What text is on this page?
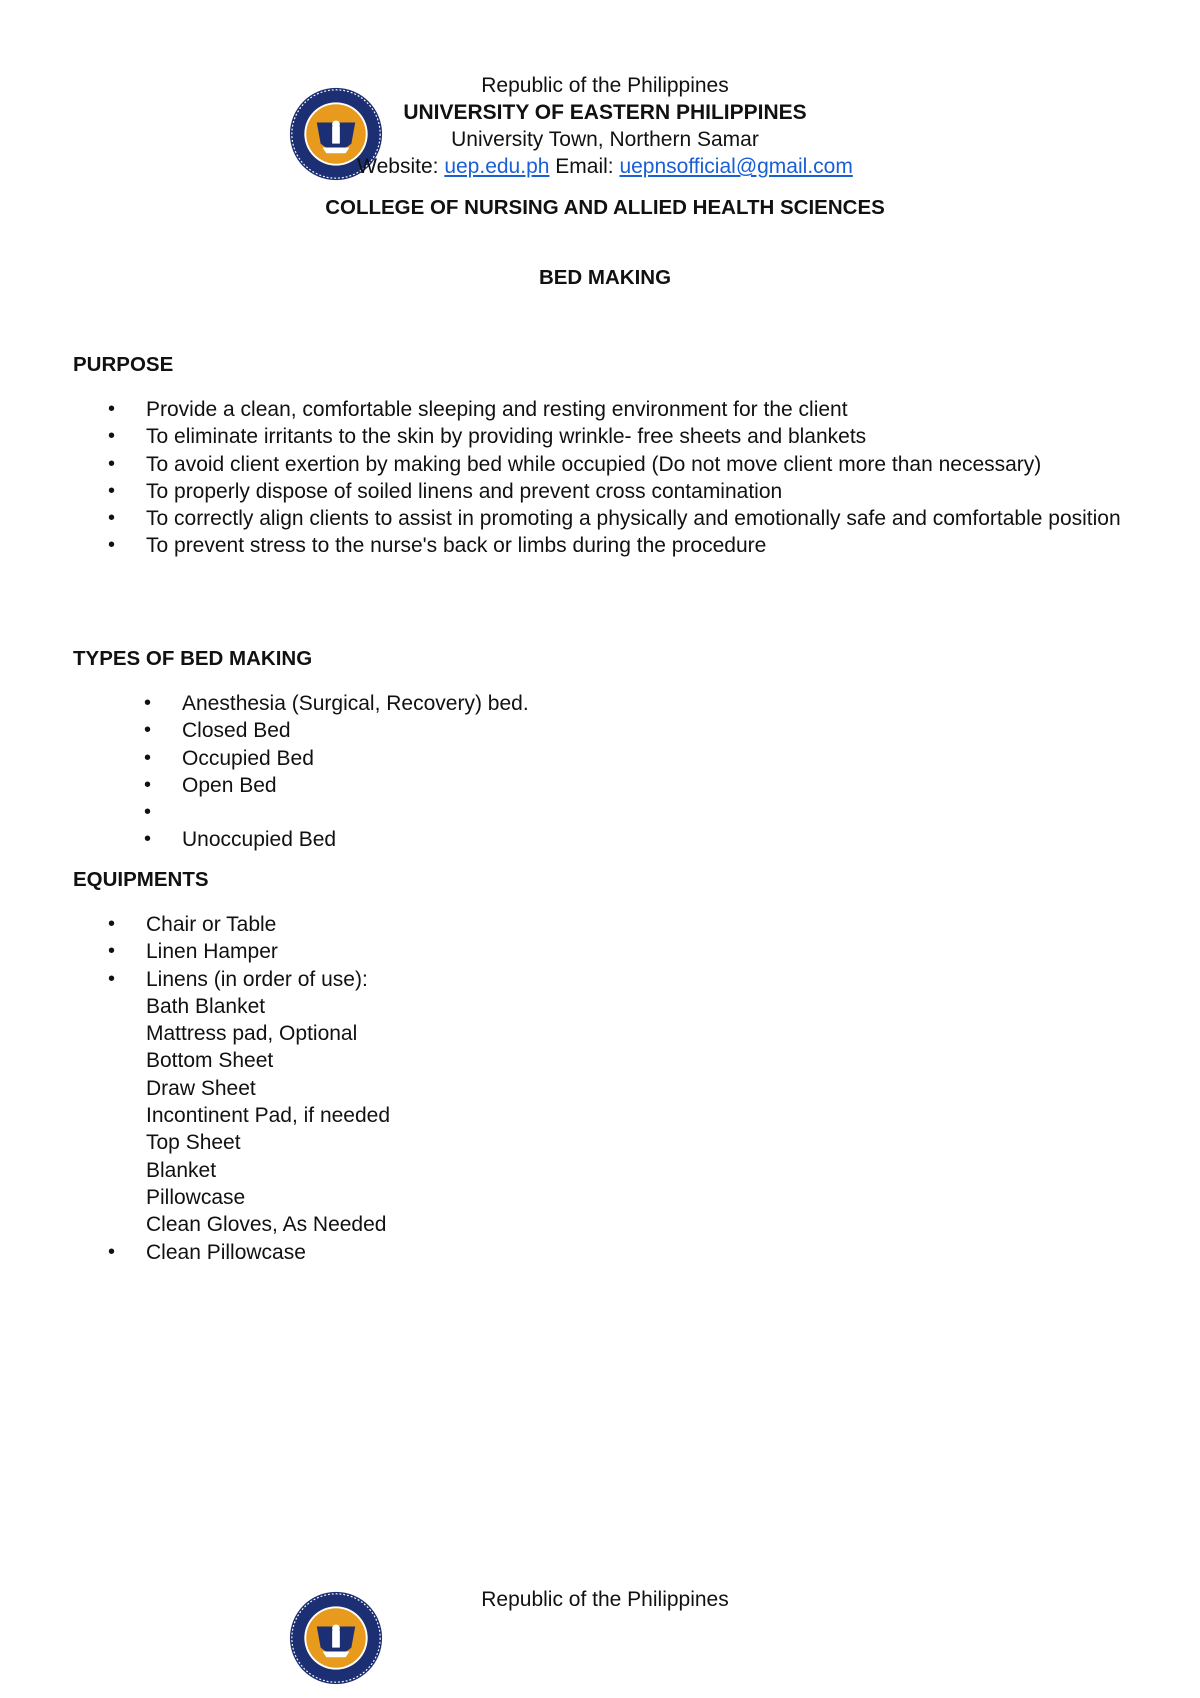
Republic of the Philippines
UNIVERSITY OF EASTERN PHILIPPINES
University Town, Northern Samar
Website: uep.edu.ph Email: uepnsofficial@gmail.com
COLLEGE OF NURSING AND ALLIED HEALTH SCIENCES
BED MAKING
PURPOSE
• Provide a clean, comfortable sleeping and resting environment for the client
• To eliminate irritants to the skin by providing wrinkle- free sheets and blankets
• To avoid client exertion by making bed while occupied (Do not move client more than necessary)
• To properly dispose of soiled linens and prevent cross contamination
• To correctly align clients to assist in promoting a physically and emotionally safe and comfortable position
• To prevent stress to the nurse's back or limbs during the procedure
TYPES OF BED MAKING
• Anesthesia (Surgical, Recovery) bed.
• Closed Bed
• Occupied Bed
• Open Bed
•

• Unoccupied Bed
EQUIPMENTS
• Chair or Table
• Linen Hamper
• Linens (in order of use):
Bath Blanket
Mattress pad, Optional
Bottom Sheet
Draw Sheet
Incontinent Pad, if needed
Top Sheet
Blanket
Pillowcase
Clean Gloves, As Needed
• Clean Pillowcase
Republic of the Philippines
